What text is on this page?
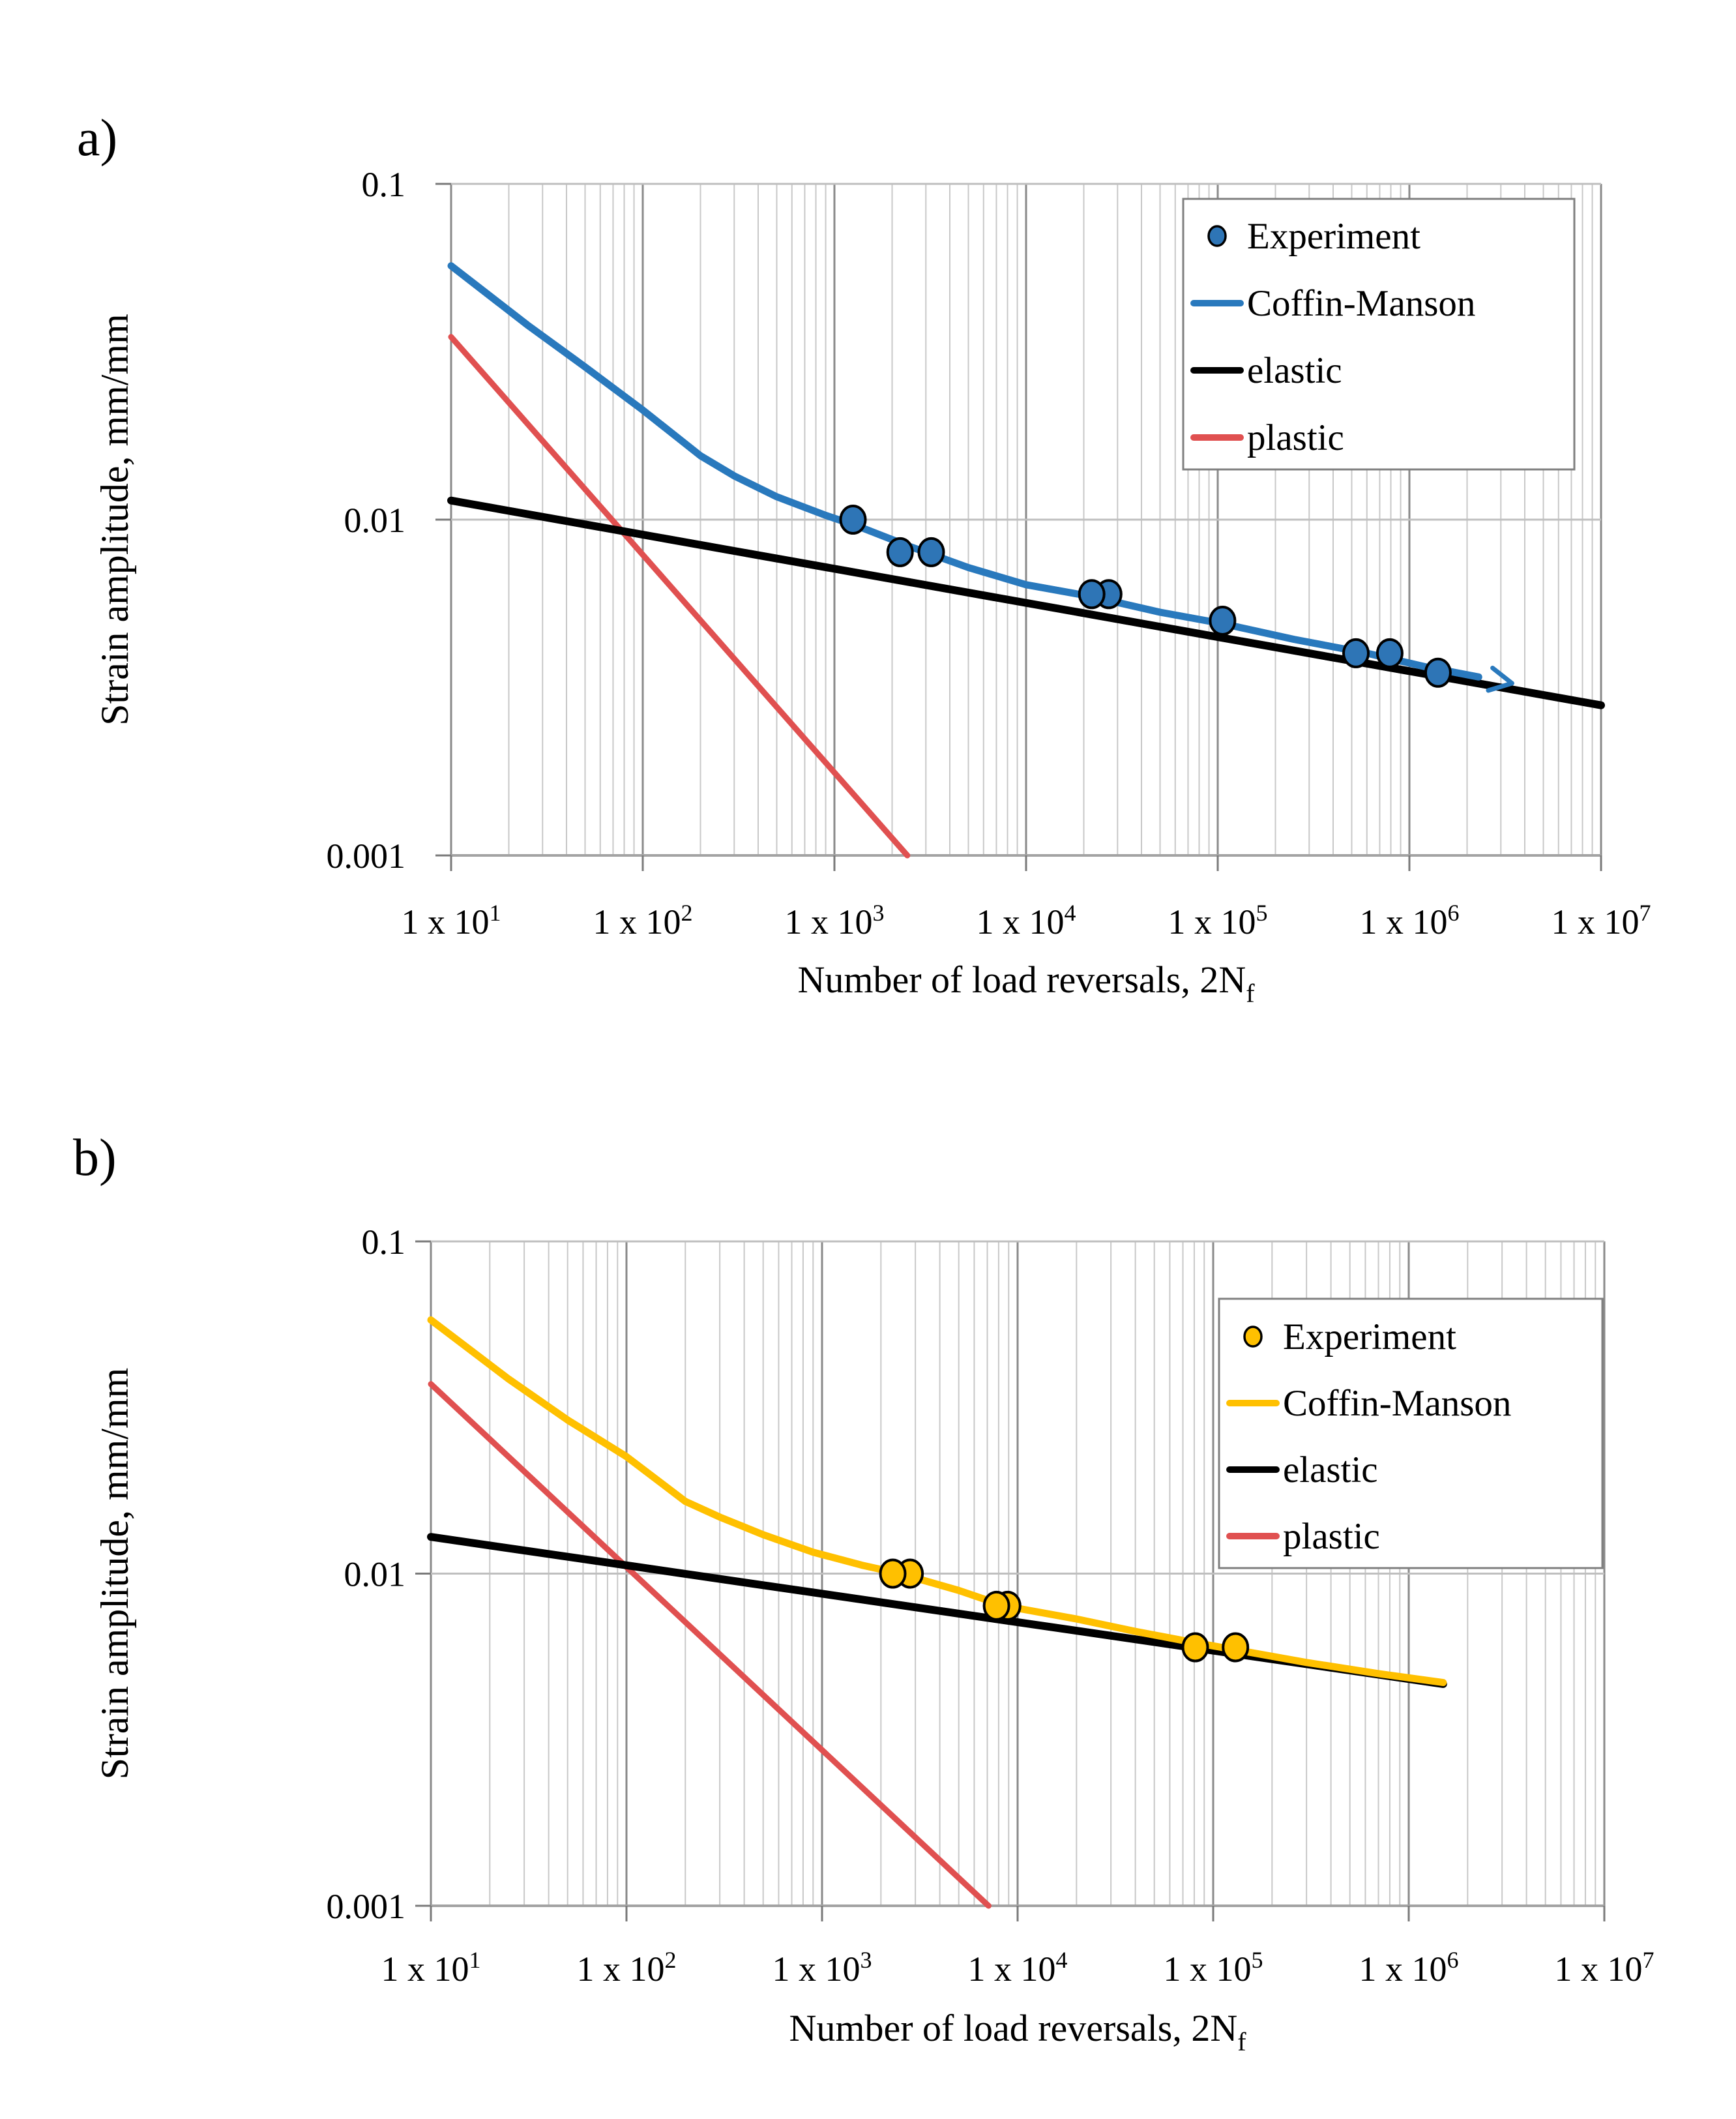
Experiment
Coffin-Manson
elastic
plastic
1 x $10^1$	1 x $10^2$	1 x $10^3$	1 x $10^4$	1 x $10^5$	1 x $10^6$	1 x $10^7$
0.1
0.01
0.001
Number of load reversals, $2N_f$
Strain amplitude, mm/mm
a)
Experiment
Coffin-Manson
elastic
plastic
1 x $10^1$	1 x $10^2$	1 x $10^3$	1 x $10^4$	1 x $10^5$	1 x $10^6$	1 x $10^7$
0.1
0.01
0.001
Number of load reversals, $2N_f$
Strain amplitude, mm/mm
b)
